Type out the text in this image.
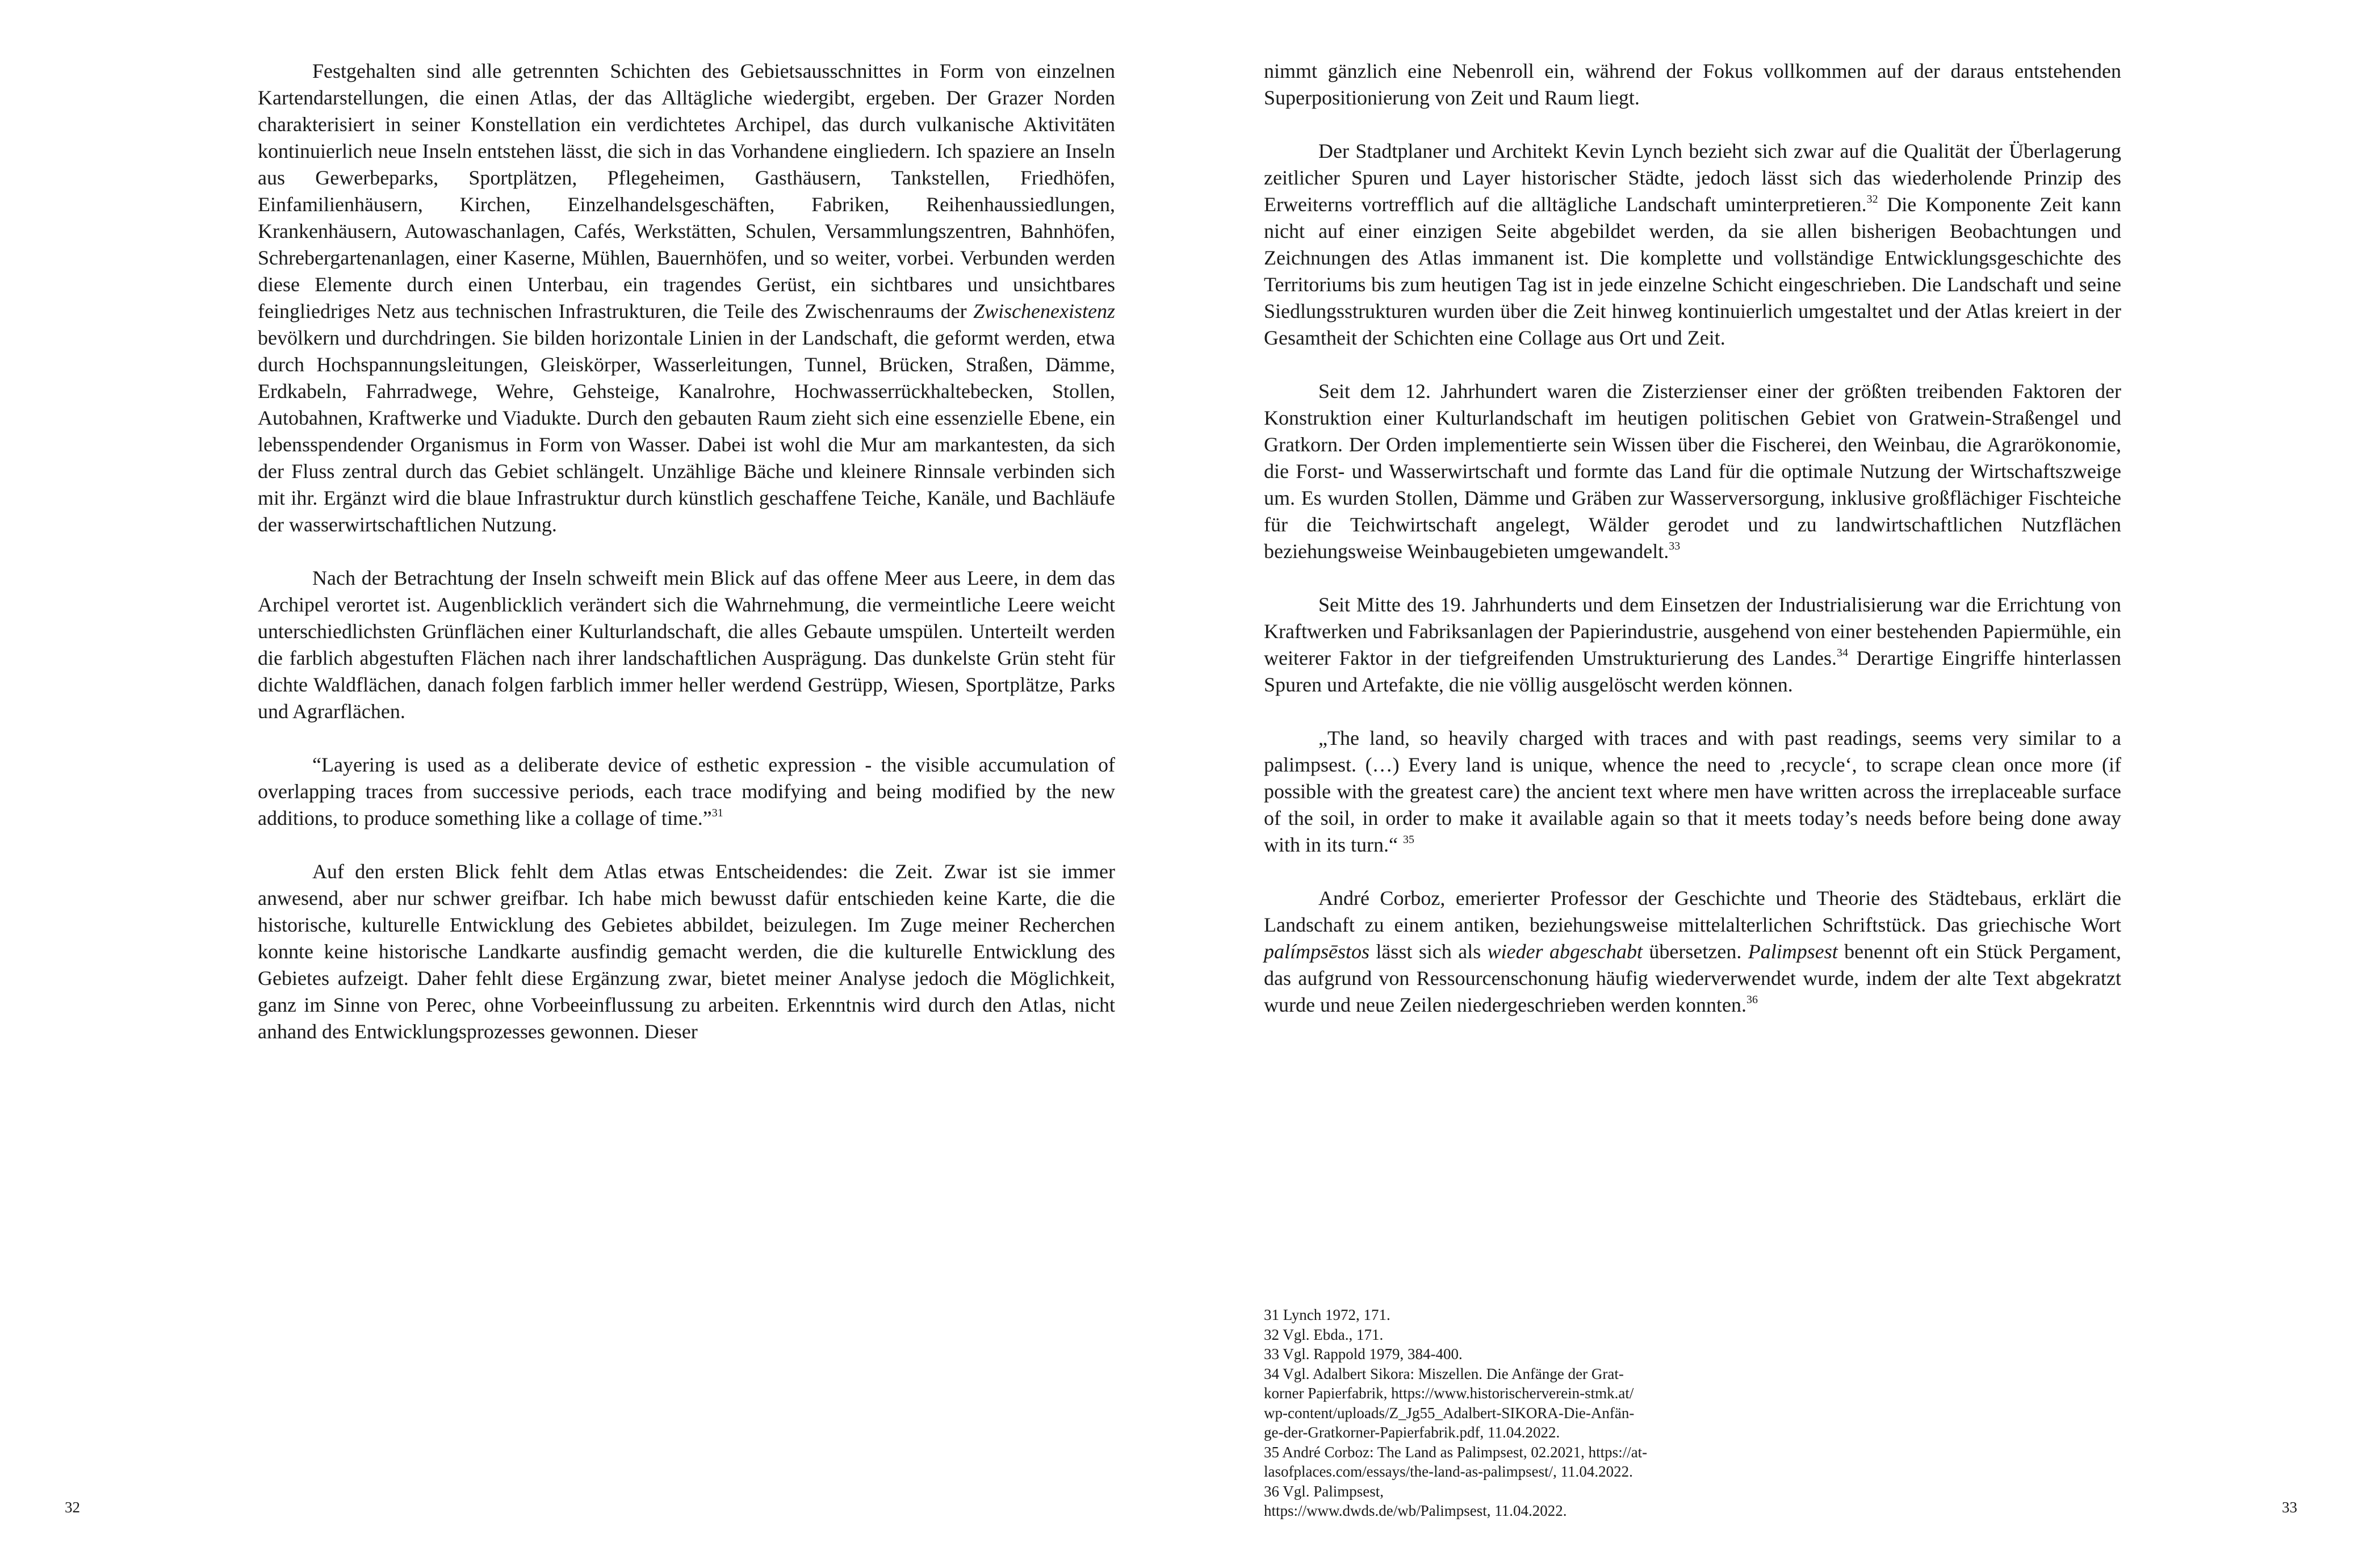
Festgehalten sind alle getrennten Schichten des Gebietsausschnittes in Form von einzelnen Kartendarstellungen, die einen Atlas, der das Alltägliche wiedergibt, ergeben. Der Grazer Norden charakterisiert in seiner Konstellation ein verdichtetes Archipel, das durch vulkanische Aktivitäten kontinuierlich neue Inseln entstehen lässt, die sich in das Vorhandene eingliedern. Ich spaziere an Inseln aus Gewerbeparks, Sportplätzen, Pflegeheimen, Gasthäusern, Tankstellen, Friedhöfen, Einfamilienhäusern, Kirchen, Einzelhandelsgeschäften, Fabriken, Reihenhaussiedlungen, Krankenhäusern, Autowaschanlagen, Cafés, Werkstätten, Schulen, Versammlungszentren, Bahnhöfen, Schrebergartenanlagen, einer Kaserne, Mühlen, Bauernhöfen, und so weiter, vorbei. Verbunden werden diese Elemente durch einen Unterbau, ein tragendes Gerüst, ein sichtbares und unsichtbares feingliedriges Netz aus technischen Infrastrukturen, die Teile des Zwischenraums der Zwischenexistenz bevölkern und durchdringen. Sie bilden horizontale Linien in der Landschaft, die geformt werden, etwa durch Hochspannungsleitungen, Gleiskörper, Wasserleitungen, Tunnel, Brücken, Straßen, Dämme, Erdkabeln, Fahrradwege, Wehre, Gehsteige, Kanalrohre, Hochwasserrückhaltebecken, Stollen, Autobahnen, Kraftwerke und Viadukte. Durch den gebauten Raum zieht sich eine essenzielle Ebene, ein lebensspendender Organismus in Form von Wasser. Dabei ist wohl die Mur am markantesten, da sich der Fluss zentral durch das Gebiet schlängelt. Unzählige Bäche und kleinere Rinnsale verbinden sich mit ihr. Ergänzt wird die blaue Infrastruktur durch künstlich geschaffene Teiche, Kanäle, und Bachläufe der wasserwirtschaftlichen Nutzung.

Nach der Betrachtung der Inseln schweift mein Blick auf das offene Meer aus Leere, in dem das Archipel verortet ist. Augenblicklich verändert sich die Wahrnehmung, die vermeintliche Leere weicht unterschiedlichsten Grünflächen einer Kulturlandschaft, die alles Gebaute umspülen. Unterteilt werden die farblich abgestuften Flächen nach ihrer landschaftlichen Ausprägung. Das dunkelste Grün steht für dichte Waldflächen, danach folgen farblich immer heller werdend Gestrüpp, Wiesen, Sportplätze, Parks und Agrarflächen.

“Layering is used as a deliberate device of esthetic expression - the visible accumulation of overlapping traces from successive periods, each trace modifying and being modified by the new additions, to produce something like a collage of time.”$^{31}$

Auf den ersten Blick fehlt dem Atlas etwas Entscheidendes: die Zeit. Zwar ist sie immer anwesend, aber nur schwer greifbar. Ich habe mich bewusst dafür entschieden keine Karte, die die historische, kulturelle Entwicklung des Gebietes abbildet, beizulegen. Im Zuge meiner Recherchen konnte keine historische Landkarte ausfindig gemacht werden, die die kulturelle Entwicklung des Gebietes aufzeigt. Daher fehlt diese Ergänzung zwar, bietet meiner Analyse jedoch die Möglichkeit, ganz im Sinne von Perec, ohne Vorbeeinflussung zu arbeiten. Erkenntnis wird durch den Atlas, nicht anhand des Entwicklungsprozesses gewonnen. Dieser

32

nimmt gänzlich eine Nebenroll ein, während der Fokus vollkommen auf der daraus entstehenden Superpositionierung von Zeit und Raum liegt.

Der Stadtplaner und Architekt Kevin Lynch bezieht sich zwar auf die Qualität der Überlagerung zeitlicher Spuren und Layer historischer Städte, jedoch lässt sich das wiederholende Prinzip des Erweiterns vortrefflich auf die alltägliche Landschaft uminterpretieren.$^{32}$ Die Komponente Zeit kann nicht auf einer einzigen Seite abgebildet werden, da sie allen bisherigen Beobachtungen und Zeichnungen des Atlas immanent ist. Die komplette und vollständige Entwicklungsgeschichte des Territoriums bis zum heutigen Tag ist in jede einzelne Schicht eingeschrieben. Die Landschaft und seine Siedlungsstrukturen wurden über die Zeit hinweg kontinuierlich umgestaltet und der Atlas kreiert in der Gesamtheit der Schichten eine Collage aus Ort und Zeit.

Seit dem 12. Jahrhundert waren die Zisterzienser einer der größten treibenden Faktoren der Konstruktion einer Kulturlandschaft im heutigen politischen Gebiet von Gratwein-Straßengel und Gratkorn. Der Orden implementierte sein Wissen über die Fischerei, den Weinbau, die Agrarökonomie, die Forst- und Wasserwirtschaft und formte das Land für die optimale Nutzung der Wirtschaftszweige um. Es wurden Stollen, Dämme und Gräben zur Wasserversorgung, inklusive großflächiger Fischteiche für die Teichwirtschaft angelegt, Wälder gerodet und zu landwirtschaftlichen Nutzflächen beziehungsweise Weinbaugebieten umgewandelt.$^{33}$

Seit Mitte des 19. Jahrhunderts und dem Einsetzen der Industrialisierung war die Errichtung von Kraftwerken und Fabriksanlagen der Papierindustrie, ausgehend von einer bestehenden Papiermühle, ein weiterer Faktor in der tiefgreifenden Umstrukturierung des Landes.$^{34}$ Derartige Eingriffe hinterlassen Spuren und Artefakte, die nie völlig ausgelöscht werden können.

„The land, so heavily charged with traces and with past readings, seems very similar to a palimpsest. (…) Every land is unique, whence the need to ‚recycle‘, to scrape clean once more (if possible with the greatest care) the ancient text where men have written across the irreplaceable surface of the soil, in order to make it available again so that it meets today’s needs before being done away with in its turn.“ $^{35}$

André Corboz, emerierter Professor der Geschichte und Theorie des Städtebaus, erklärt die Landschaft zu einem antiken, beziehungsweise mittelalterlichen Schriftstück. Das griechische Wort palímpsēstos lässt sich als wieder abgeschabt übersetzen. Palimpsest benennt oft ein Stück Pergament, das aufgrund von Ressourcenschonung häufig wiederverwendet wurde, indem der alte Text abgekratzt wurde und neue Zeilen niedergeschrieben werden konnten.$^{36}$

31 Lynch 1972, 171.

32 Vgl. Ebda., 171.

33 Vgl. Rappold 1979, 384-400.

34 Vgl. Adalbert Sikora: Miszellen. Die Anfänge der Grat-

korner Papierfabrik, https://www.historischerverein-stmk.at/

wp-content/uploads/Z_Jg55_Adalbert-SIKORA-Die-Anfän-

ge-der-Gratkorner-Papierfabrik.pdf, 11.04.2022.

35 André Corboz: The Land as Palimpsest, 02.2021, https://at-

lasofplaces.com/essays/the-land-as-palimpsest/, 11.04.2022.

36 Vgl. Palimpsest,

https://www.dwds.de/wb/Palimpsest, 11.04.2022.	33
